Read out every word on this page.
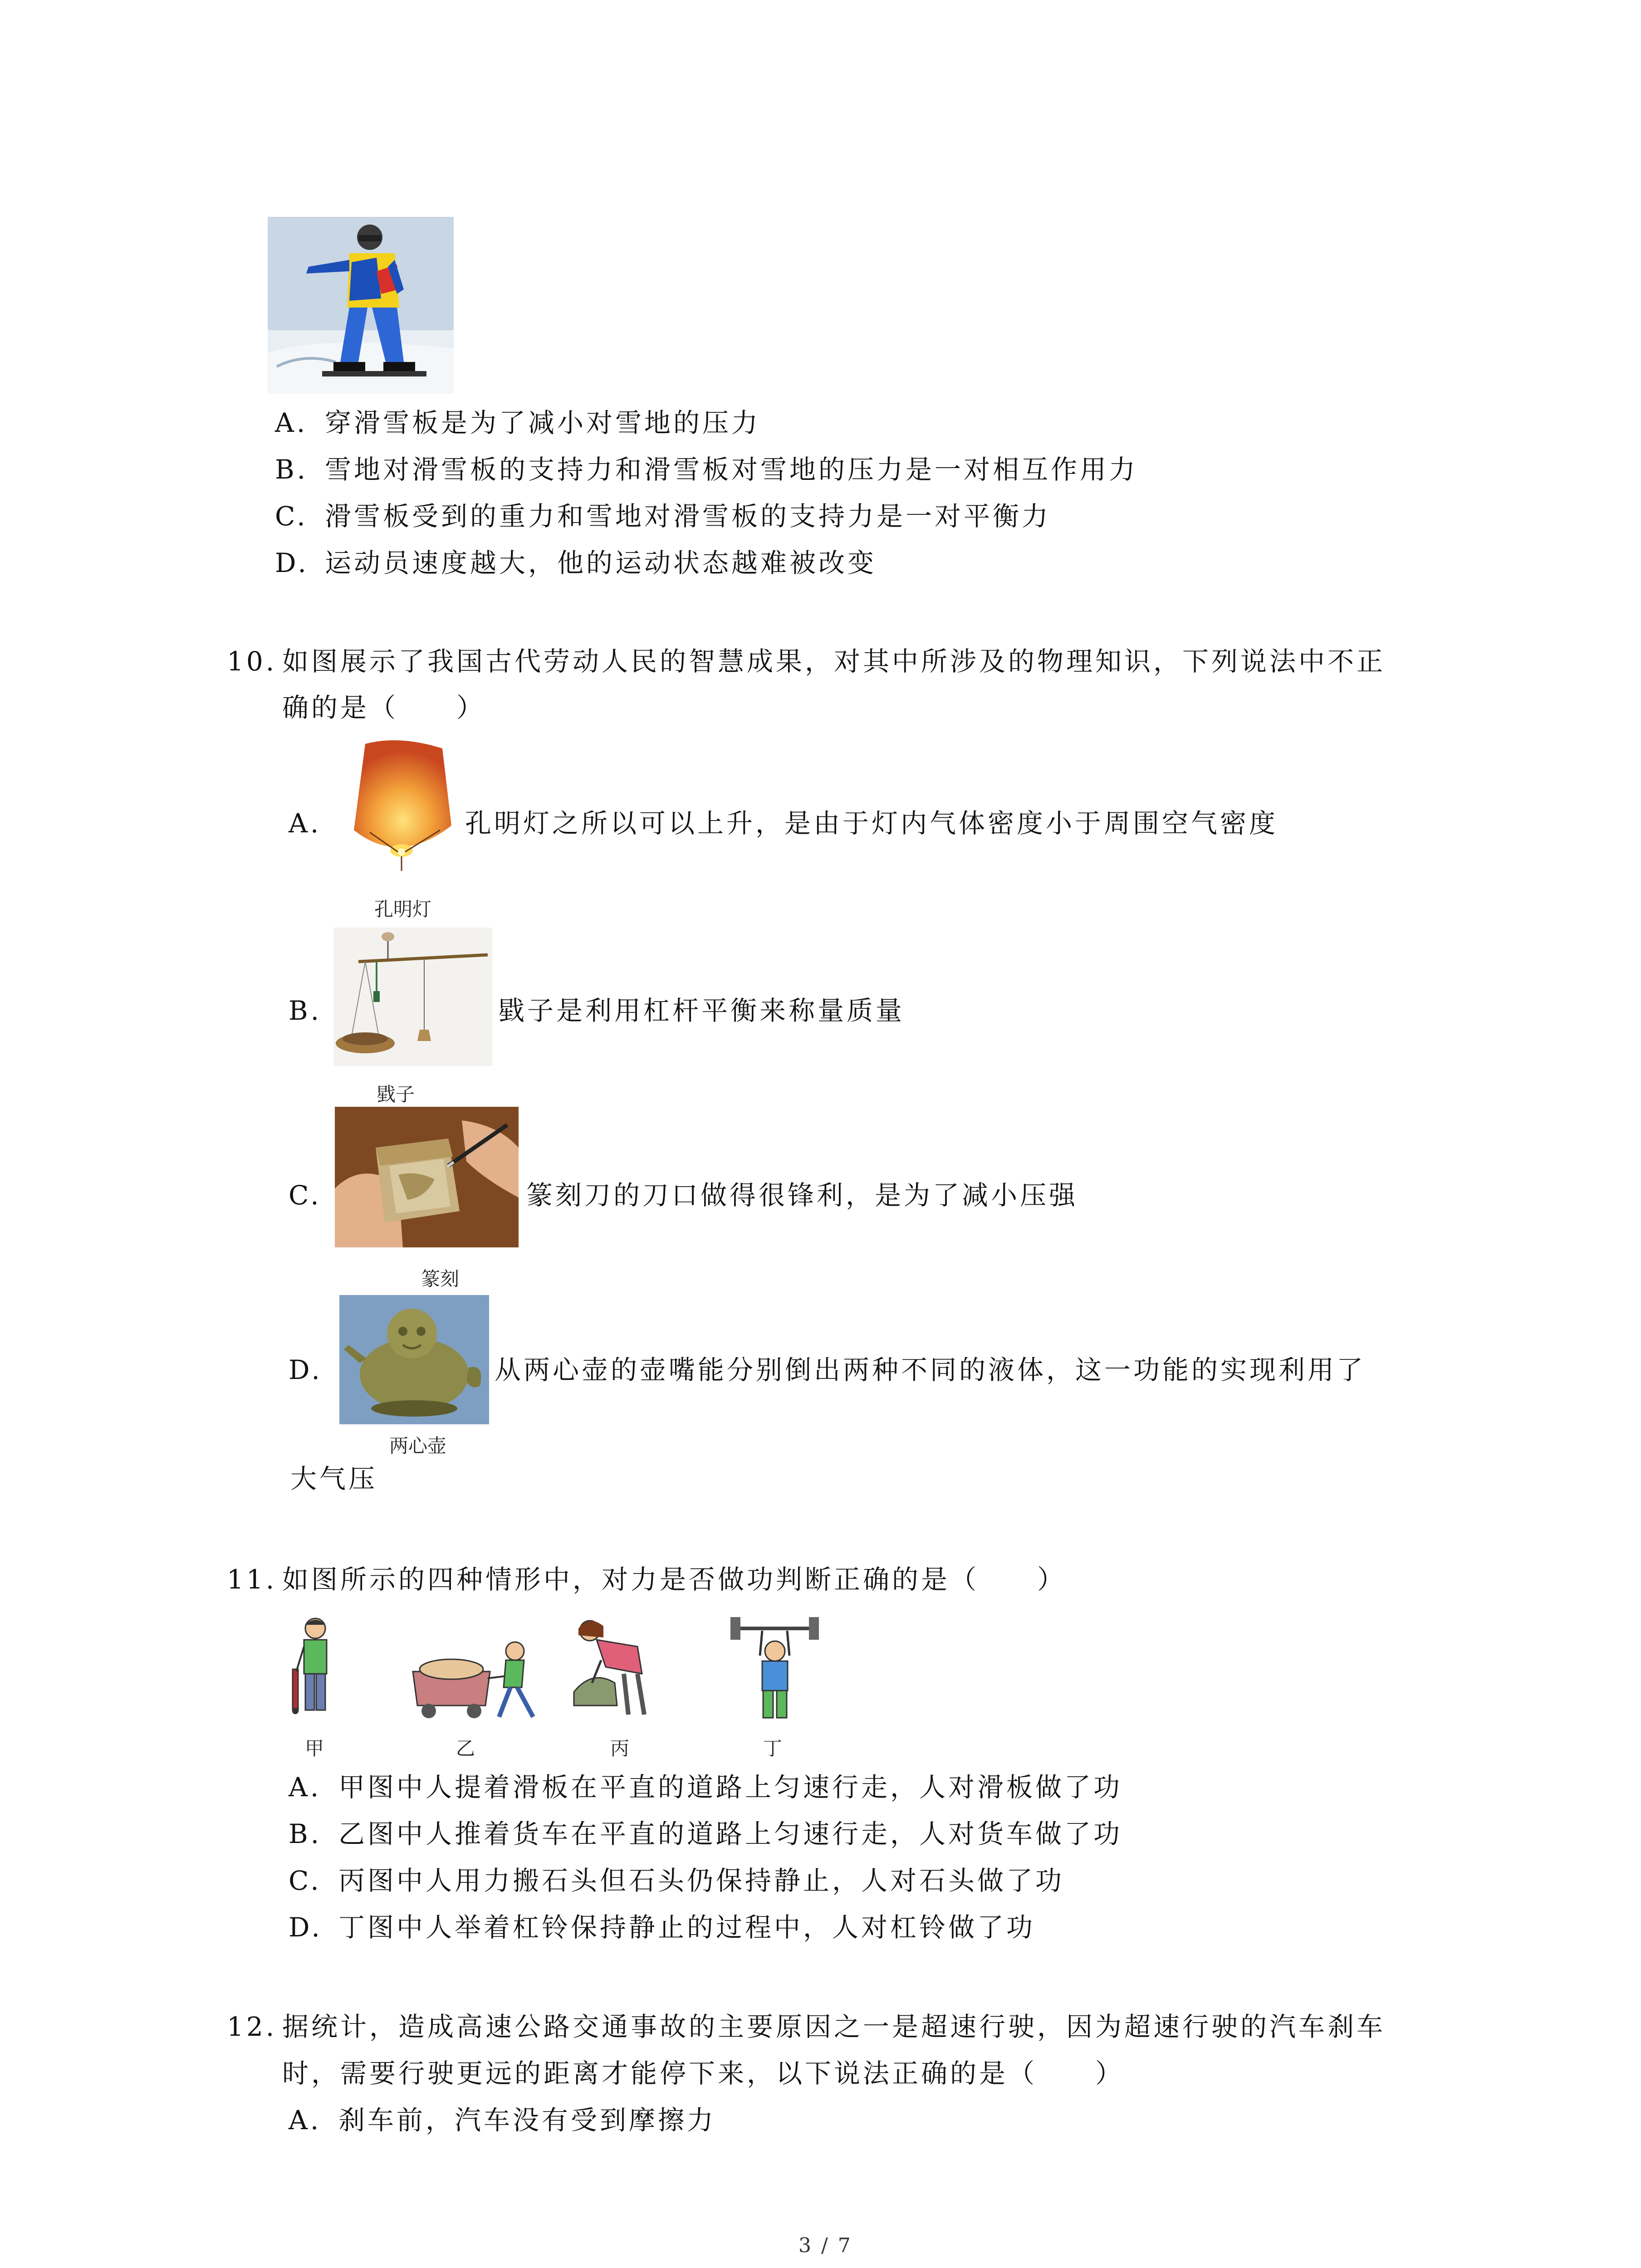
A. 穿滑雪板是为了减小对雪地的压力
B. 雪地对滑雪板的支持力和滑雪板对雪地的压力是一对相互作用力
C. 滑雪板受到的重力和雪地对滑雪板的支持力是一对平衡力
D. 运动员速度越大，他的运动状态越难被改变
10. 如图展示了我国古代劳动人民的智慧成果，对其中所涉及的物理知识，下列说法中不正
确的是（　　）
A.
孔明灯
孔明灯之所以可以上升，是由于灯内气体密度小于周围空气密度
B.
戥子
戥子是利用杠杆平衡来称量质量
C.
篆刻
篆刻刀的刀口做得很锋利，是为了减小压强
D.
两心壶
从两心壶的壶嘴能分别倒出两种不同的液体，这一功能的实现利用了
大气压
11. 如图所示的四种情形中，对力是否做功判断正确的是（　　）
甲	乙	丙	丁
A. 甲图中人提着滑板在平直的道路上匀速行走，人对滑板做了功
B. 乙图中人推着货车在平直的道路上匀速行走，人对货车做了功
C. 丙图中人用力搬石头但石头仍保持静止，人对石头做了功
D. 丁图中人举着杠铃保持静止的过程中，人对杠铃做了功
12. 据统计，造成高速公路交通事故的主要原因之一是超速行驶，因为超速行驶的汽车刹车
时，需要行驶更远的距离才能停下来，以下说法正确的是（　　）
A. 刹车前，汽车没有受到摩擦力
3 / 7
